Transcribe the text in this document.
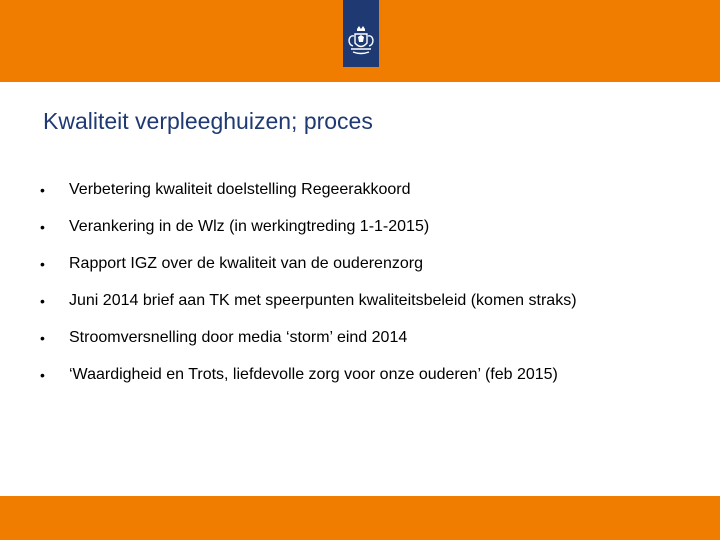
Kwaliteit verpleeghuizen; proces
• Verbetering kwaliteit doelstelling Regeerakkoord
• Verankering in de Wlz (in werkingtreding 1-1-2015)
• Rapport IGZ over de kwaliteit van de ouderenzorg
• Juni 2014 brief aan TK met speerpunten kwaliteitsbeleid (komen straks)
• Stroomversnelling door media ‘storm’ eind 2014
• ‘Waardigheid en Trots, liefdevolle zorg voor onze ouderen’ (feb 2015)
